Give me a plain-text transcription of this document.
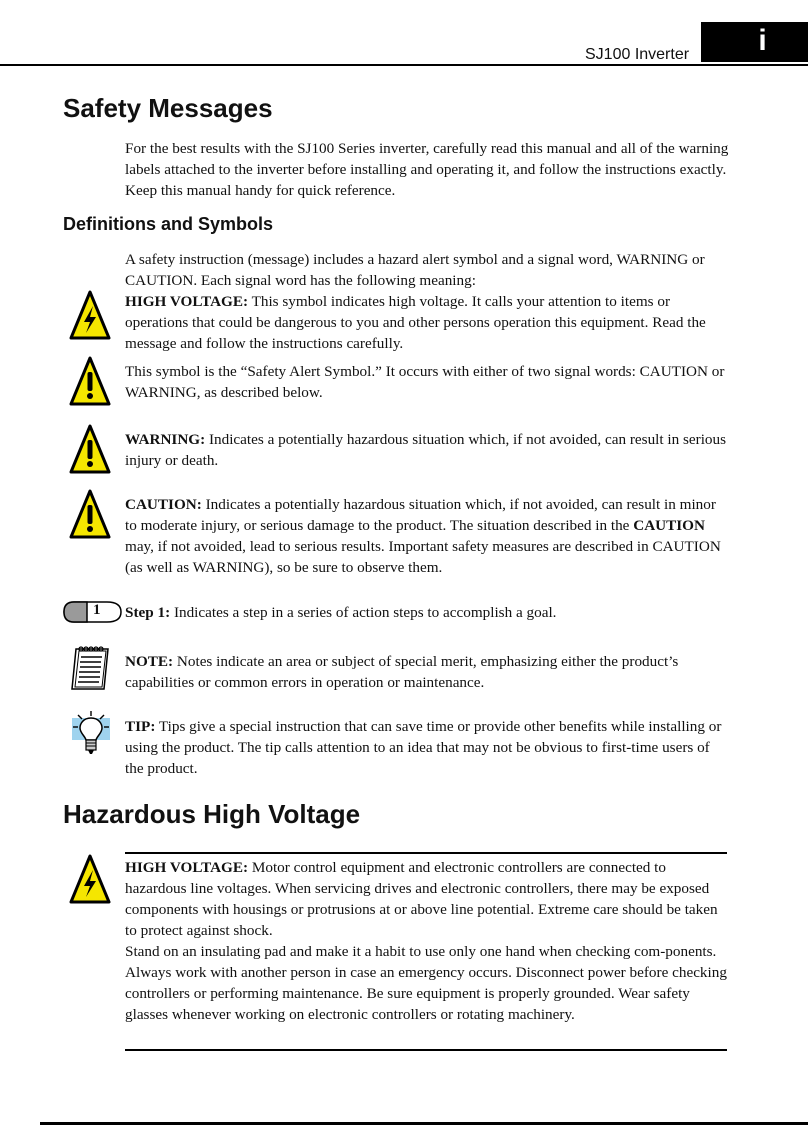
SJ100 Inverter	i
Safety Messages
For the best results with the SJ100 Series inverter, carefully read this manual and all of the warning labels attached to the inverter before installing and operating it, and follow the instructions exactly. Keep this manual handy for quick reference.
Definitions and Symbols
A safety instruction (message) includes a hazard alert symbol and a signal word, WARNING or CAUTION. Each signal word has the following meaning:
HIGH VOLTAGE: This symbol indicates high voltage. It calls your attention to items or operations that could be dangerous to you and other persons operation this equipment. Read the message and follow the instructions carefully.
This symbol is the “Safety Alert Symbol.” It occurs with either of two signal words: CAUTION or WARNING, as described below.
WARNING: Indicates a potentially hazardous situation which, if not avoided, can result in serious injury or death.
CAUTION: Indicates a potentially hazardous situation which, if not avoided, can result in minor to moderate injury, or serious damage to the product. The situation described in the CAUTION may, if not avoided, lead to serious results. Important safety measures are described in CAUTION (as well as WARNING), so be sure to observe them.
1 Step 1: Indicates a step in a series of action steps to accomplish a goal.
NOTE: Notes indicate an area or subject of special merit, emphasizing either the product’s capabilities or common errors in operation or maintenance.
TIP: Tips give a special instruction that can save time or provide other benefits while installing or using the product. The tip calls attention to an idea that may not be obvious to first-time users of the product.
Hazardous High Voltage
HIGH VOLTAGE: Motor control equipment and electronic controllers are connected to hazardous line voltages. When servicing drives and electronic controllers, there may be exposed components with housings or protrusions at or above line potential. Extreme care should be taken to protect against shock.
Stand on an insulating pad and make it a habit to use only one hand when checking com-ponents. Always work with another person in case an emergency occurs. Disconnect power before checking controllers or performing maintenance. Be sure equipment is properly grounded. Wear safety glasses whenever working on electronic controllers or rotating machinery.
